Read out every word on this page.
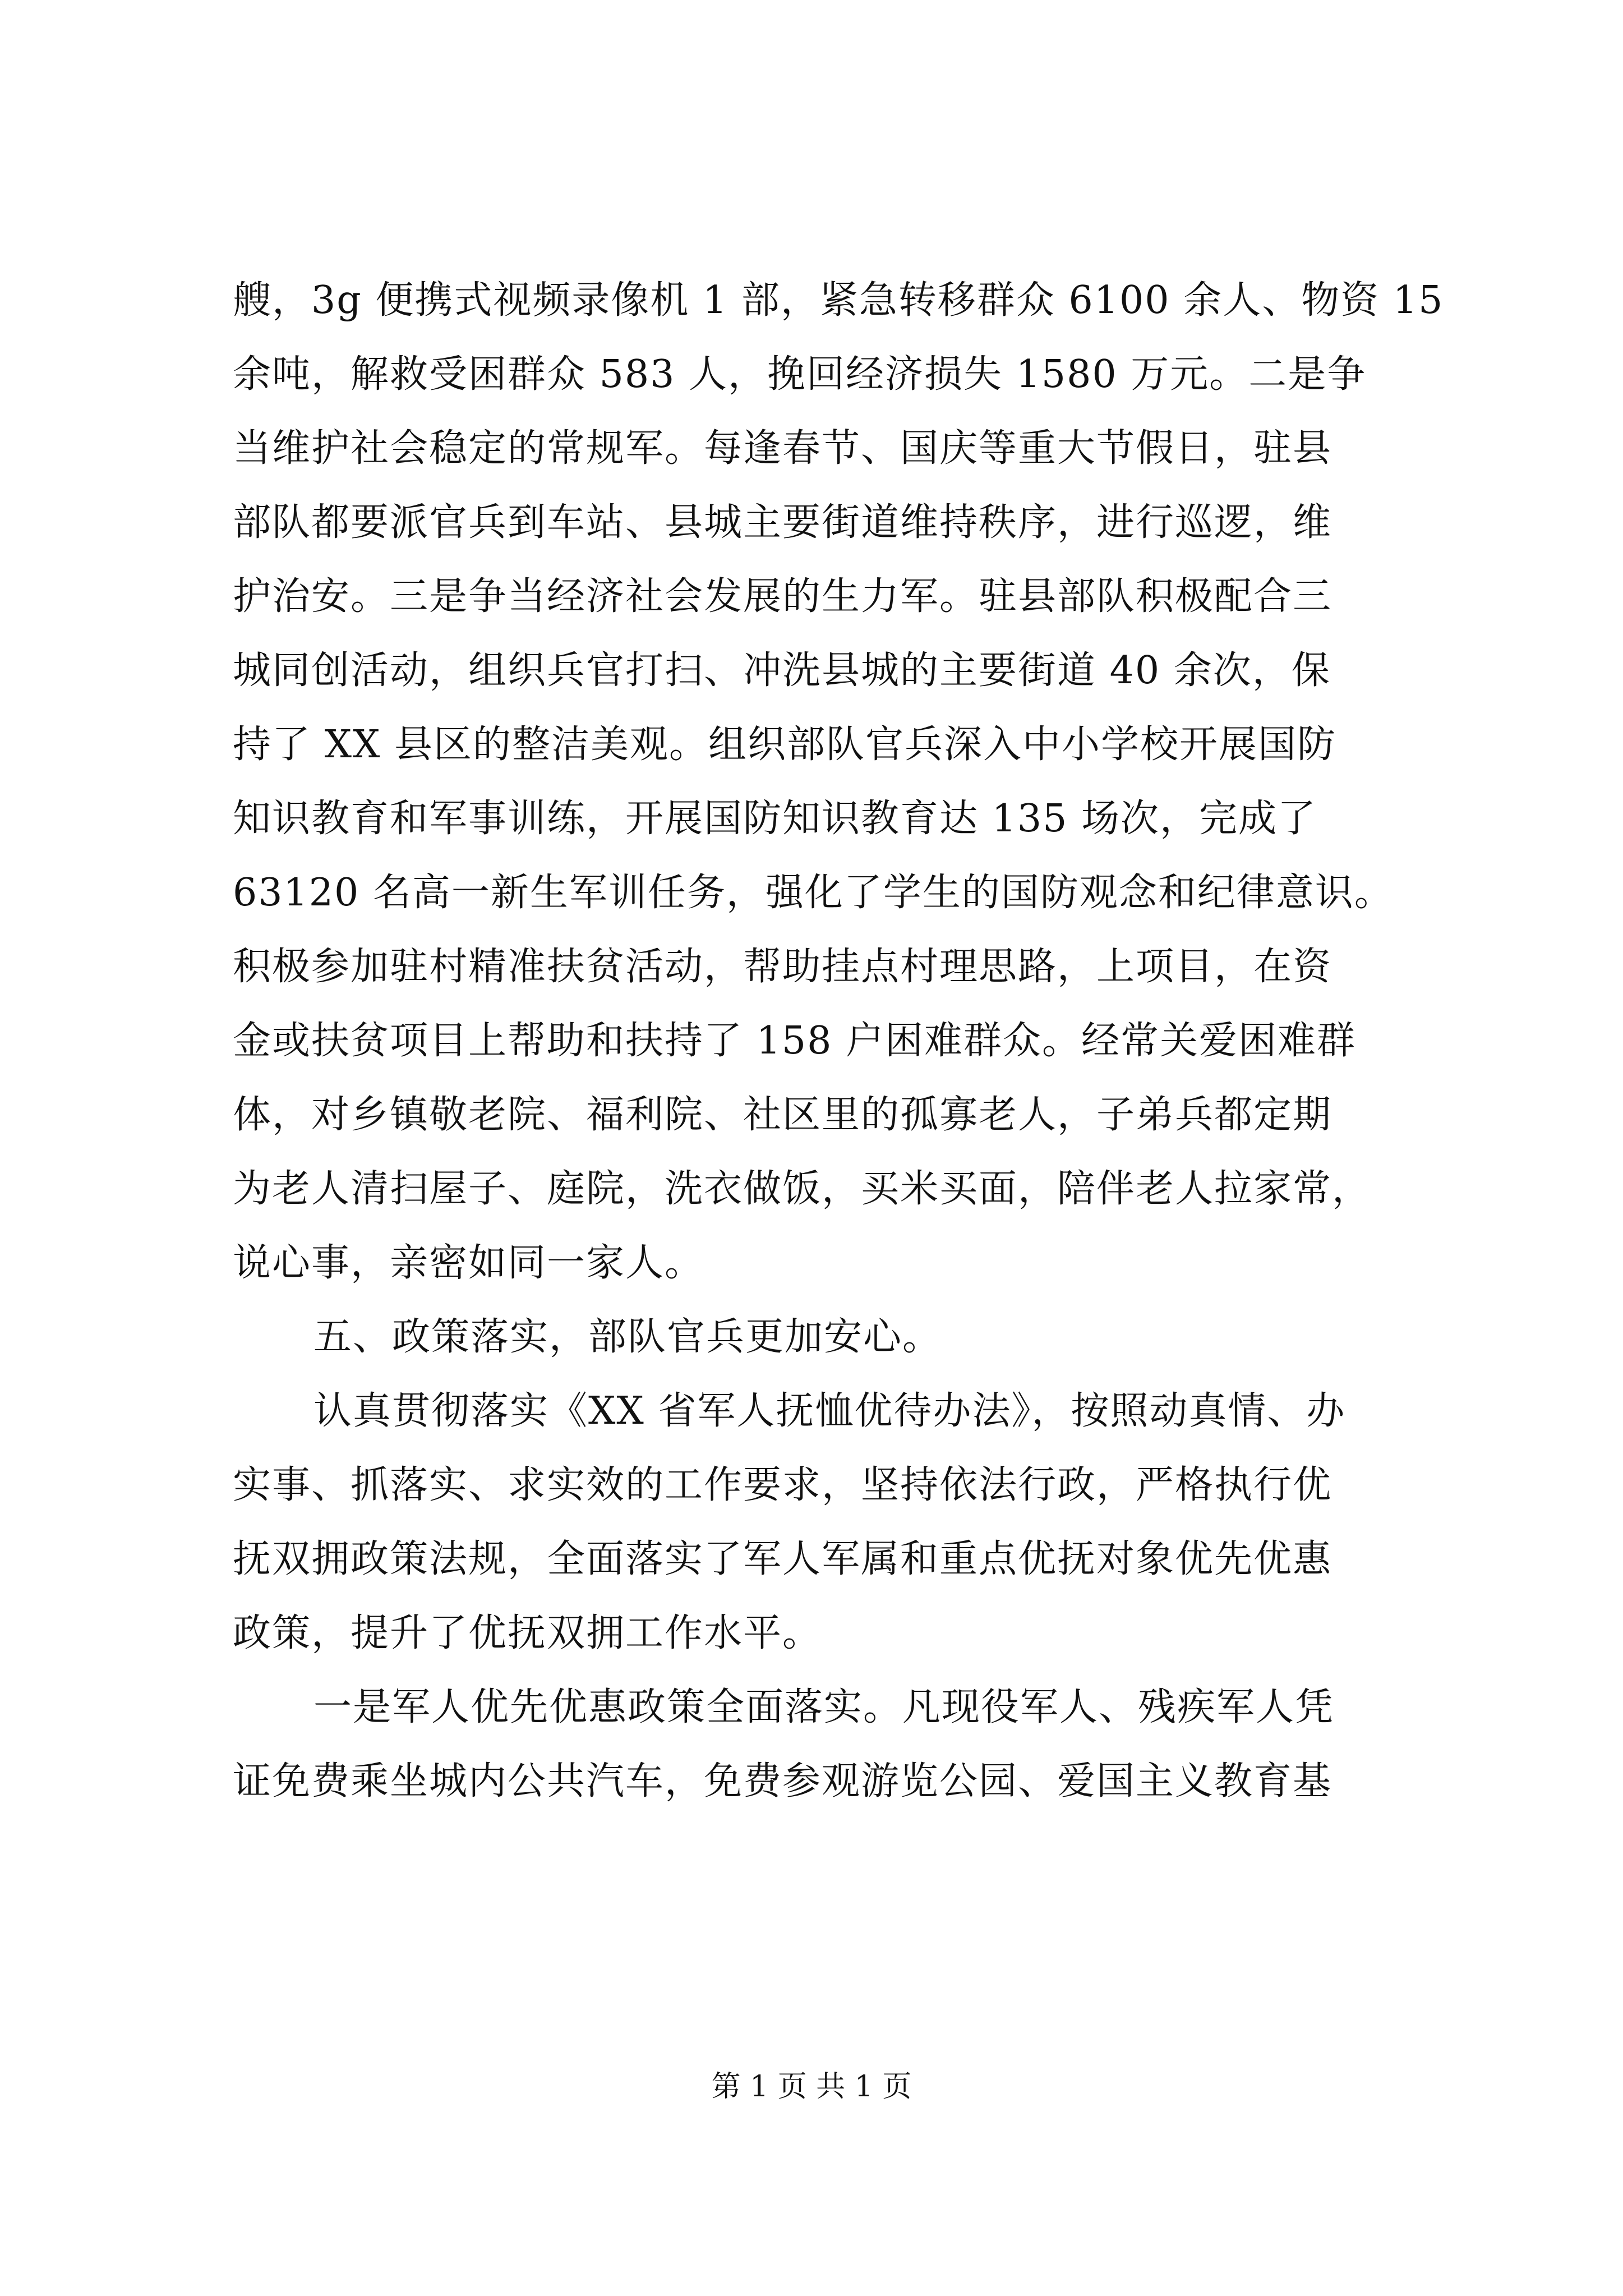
艘，3g 便携式视频录像机 1 部，紧急转移群众 6100 余人、物资 15
余吨，解救受困群众 583 人，挽回经济损失 1580 万元。二是争
当维护社会稳定的常规军。每逢春节、国庆等重大节假日，驻县
部队都要派官兵到车站、县城主要街道维持秩序，进行巡逻，维
护治安。三是争当经济社会发展的生力军。驻县部队积极配合三
城同创活动，组织兵官打扫、冲洗县城的主要街道 40 余次，保
持了 XX 县区的整洁美观。组织部队官兵深入中小学校开展国防
知识教育和军事训练，开展国防知识教育达 135 场次，完成了
63120 名高一新生军训任务，强化了学生的国防观念和纪律意识。
积极参加驻村精准扶贫活动，帮助挂点村理思路，上项目，在资
金或扶贫项目上帮助和扶持了 158 户困难群众。经常关爱困难群
体，对乡镇敬老院、福利院、社区里的孤寡老人，子弟兵都定期
为老人清扫屋子、庭院，洗衣做饭，买米买面，陪伴老人拉家常，
说心事，亲密如同一家人。
五、政策落实，部队官兵更加安心。
认真贯彻落实《XX 省军人抚恤优待办法》，按照动真情、办
实事、抓落实、求实效的工作要求，坚持依法行政，严格执行优
抚双拥政策法规，全面落实了军人军属和重点优抚对象优先优惠
政策，提升了优抚双拥工作水平。
一是军人优先优惠政策全面落实。凡现役军人、残疾军人凭
证免费乘坐城内公共汽车，免费参观游览公园、爱国主义教育基
第 1 页 共 1 页
